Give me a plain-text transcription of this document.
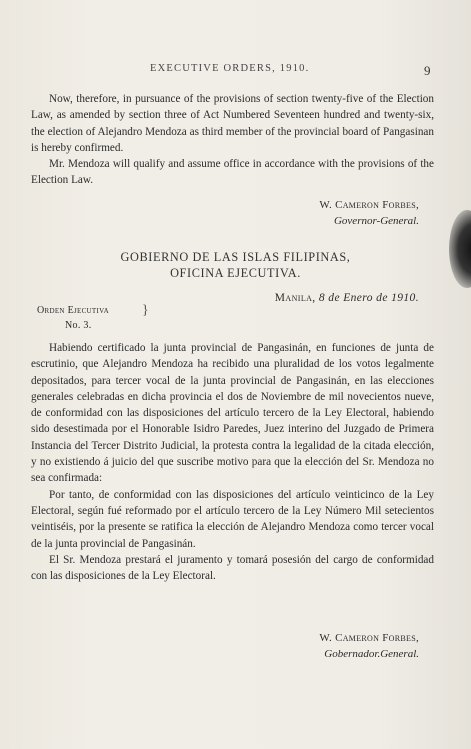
EXECUTIVE ORDERS, 1910.	9

Now, therefore, in pursuance of the provisions of section twenty-five of the Election Law, as amended by section three of Act Numbered Seventeen hundred and twenty-six, the election of Alejandro Mendoza as third member of the provincial board of Pangasinan is hereby confirmed.

Mr. Mendoza will qualify and assume office in accordance with the provisions of the Election Law.

W. Cameron Forbes,
Governor-General.
GOBIERNO DE LAS ISLAS FILIPINAS,
OFICINA EJECUTIVA.
Manila, 8 de Enero de 1910.
Orden Ejecutiva
No. 3.
}

Habiendo certificado la junta provincial de Pangasinán, en funciones de junta de escrutinio, que Alejandro Mendoza ha recibido una pluralidad de los votos legalmente depositados, para tercer vocal de la junta provincial de Pangasinán, en las elecciones generales celebradas en dicha provincia el dos de Noviembre de mil novecientos nueve, de conformidad con las disposiciones del artículo tercero de la Ley Electoral, habiendo sido desestimada por el Honorable Isidro Paredes, Juez interino del Juzgado de Primera Instancia del Tercer Distrito Judicial, la protesta contra la legalidad de la citada elección, y no existiendo á juicio del que suscribe motivo para que la elección del Sr. Mendoza no sea confirmada:

Por tanto, de conformidad con las disposiciones del artículo veinticinco de la Ley Electoral, según fué reformado por el artículo tercero de la Ley Número Mil setecientos veintiséis, por la presente se ratifica la elección de Alejandro Mendoza como tercer vocal de la junta provincial de Pangasinán.

El Sr. Mendoza prestará el juramento y tomará posesión del cargo de conformidad con las disposiciones de la Ley Electoral.

W. Cameron Forbes,
Gobernador.General.
